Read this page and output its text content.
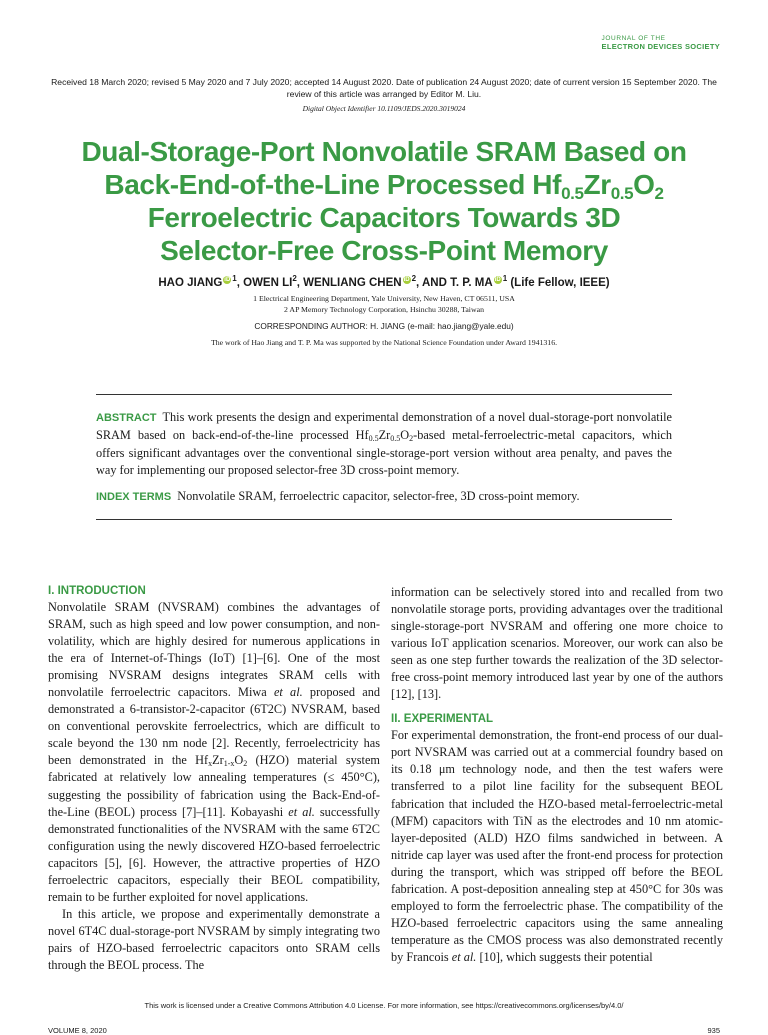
JOURNAL OF THE
ELECTRON DEVICES SOCIETY
Received 18 March 2020; revised 5 May 2020 and 7 July 2020; accepted 14 August 2020. Date of publication 24 August 2020; date of current version 15 September 2020. The review of this article was arranged by Editor M. Liu.
Digital Object Identifier 10.1109/JEDS.2020.3019024
Dual-Storage-Port Nonvolatile SRAM Based on
Back-End-of-the-Line Processed $Hf_{0.5}Zr_{0.5}O_2$
Ferroelectric Capacitors Towards 3D
Selector-Free Cross-Point Memory
HAO JIANG iD $^1$, OWEN $LI^2$, WENLIANG CHEN iD $^2$, AND T. P. MA iD $^1$ (Life Fellow, IEEE)
1 Electrical Engineering Department, Yale University, New Haven, CT 06511, USA
2 AP Memory Technology Corporation, Hsinchu 30288, Taiwan
CORRESPONDING AUTHOR: H. JIANG (e-mail: hao.jiang@yale.edu)
The work of Hao Jiang and T. P. Ma was supported by the National Science Foundation under Award 1941316.
ABSTRACT This work presents the design and experimental demonstration of a novel dual-storage-port nonvolatile SRAM based on back-end-of-the-line processed $Hf_{0.5}Zr_{0.5}O_2$-based metal-ferroelectric-metal capacitors, which offers significant advantages over the conventional single-storage-port version without area penalty, and paves the way for implementing our proposed selector-free 3D cross-point memory.
INDEX TERMS Nonvolatile SRAM, ferroelectric capacitor, selector-free, 3D cross-point memory.
I. INTRODUCTION

Nonvolatile SRAM (NVSRAM) combines the advantages of SRAM, such as high speed and low power consumption, and non-volatility, which are highly desired for numerous applications in the era of Internet-of-Things (IoT) [1]–[6]. One of the most promising NVSRAM designs integrates SRAM cells with nonvolatile ferroelectric capacitors. Miwa et al. proposed and demonstrated a 6-transistor-2-capacitor (6T2C) NVSRAM, based on conventional perovskite ferroelectrics, which are difficult to scale beyond the 130 nm node [2]. Recently, ferroelectricity has been demonstrated in the $Hf_xZr_{1-x}O_2$ (HZO) material system fabricated at relatively low annealing temperatures (≤ 450°C), suggesting the possibility of fabrication using the Back-End-of-the-Line (BEOL) process [7]–[11]. Kobayashi et al. successfully demonstrated functionalities of the NVSRAM with the same 6T2C configuration using the newly discovered HZO-based ferroelectric capacitors [5], [6]. However, the attractive properties of HZO ferroelectric capacitors, especially their BEOL compatibility, remain to be further exploited for novel applications.

In this article, we propose and experimentally demonstrate a novel 6T4C dual-storage-port NVSRAM by simply integrating two pairs of HZO-based ferroelectric capacitors onto SRAM cells through the BEOL process. The

information can be selectively stored into and recalled from two nonvolatile storage ports, providing advantages over the traditional single-storage-port NVSRAM and offering one more choice to various IoT application scenarios. Moreover, our work can also be seen as one step further towards the realization of the 3D selector-free cross-point memory introduced last year by one of the authors [12], [13].

II. EXPERIMENTAL

For experimental demonstration, the front-end process of our dual-port NVSRAM was carried out at a commercial foundry based on its 0.18 μm technology node, and then the test wafers were transferred to a pilot line facility for the subsequent BEOL fabrication that included the HZO-based metal-ferroelectric-metal (MFM) capacitors with TiN as the electrodes and 10 nm atomic-layer-deposited (ALD) HZO films sandwiched in between. A nitride cap layer was used after the front-end process for protection during the transport, which was stripped off before the BEOL fabrication. A post-deposition annealing step at 450°C for 30s was employed to form the ferroelectric phase. The compatibility of the HZO-based ferroelectric capacitors using the same annealing temperature as the CMOS process was also demonstrated recently by Francois et al. [10], which suggests their potential

This work is licensed under a Creative Commons Attribution 4.0 License. For more information, see https://creativecommons.org/licenses/by/4.0/
VOLUME 8, 2020	935
